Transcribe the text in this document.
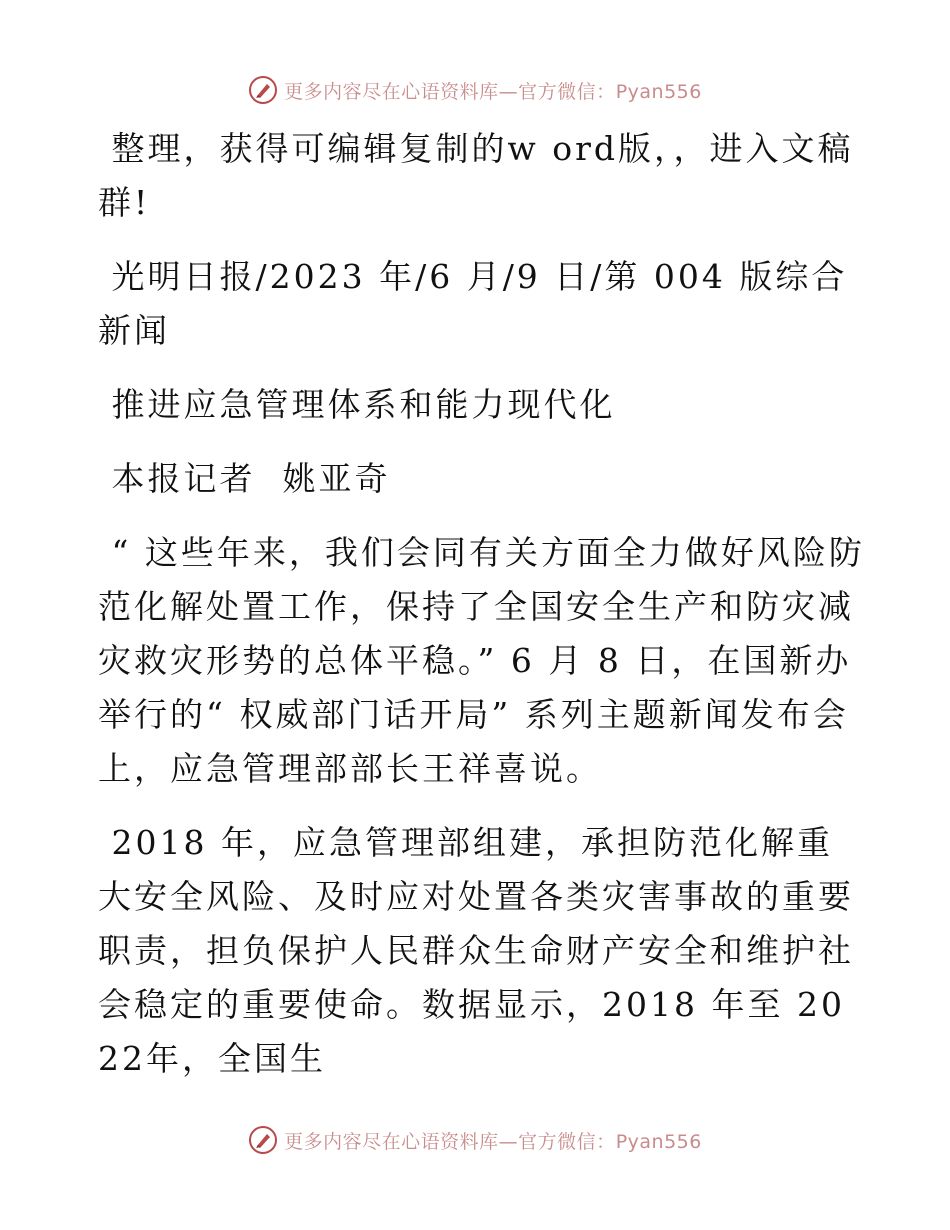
更多内容尽在心语资料库—官方微信：Pyan556

整理，获得可编辑复制的w ord版，，进入文稿群!

光明日报/2023 年/6 月/9 日/第 004 版综合新闻

推进应急管理体系和能力现代化

本报记者  姚亚奇

“ 这些年来，我们会同有关方面全力做好风险防范化解处置工作，保持了全国安全生产和防灾减灾救灾形势的总体平稳。” 6 月 8 日，在国新办举行的“ 权威部门话开局” 系列主题新闻发布会上，应急管理部部长王祥喜说。

2018 年，应急管理部组建，承担防范化解重大安全风险、及时应对处置各类灾害事故的重要职责，担负保护人民群众生命财产安全和维护社会稳定的重要使命。数据显示，2018 年至 2022年，全国生

更多内容尽在心语资料库—官方微信：Pyan556
